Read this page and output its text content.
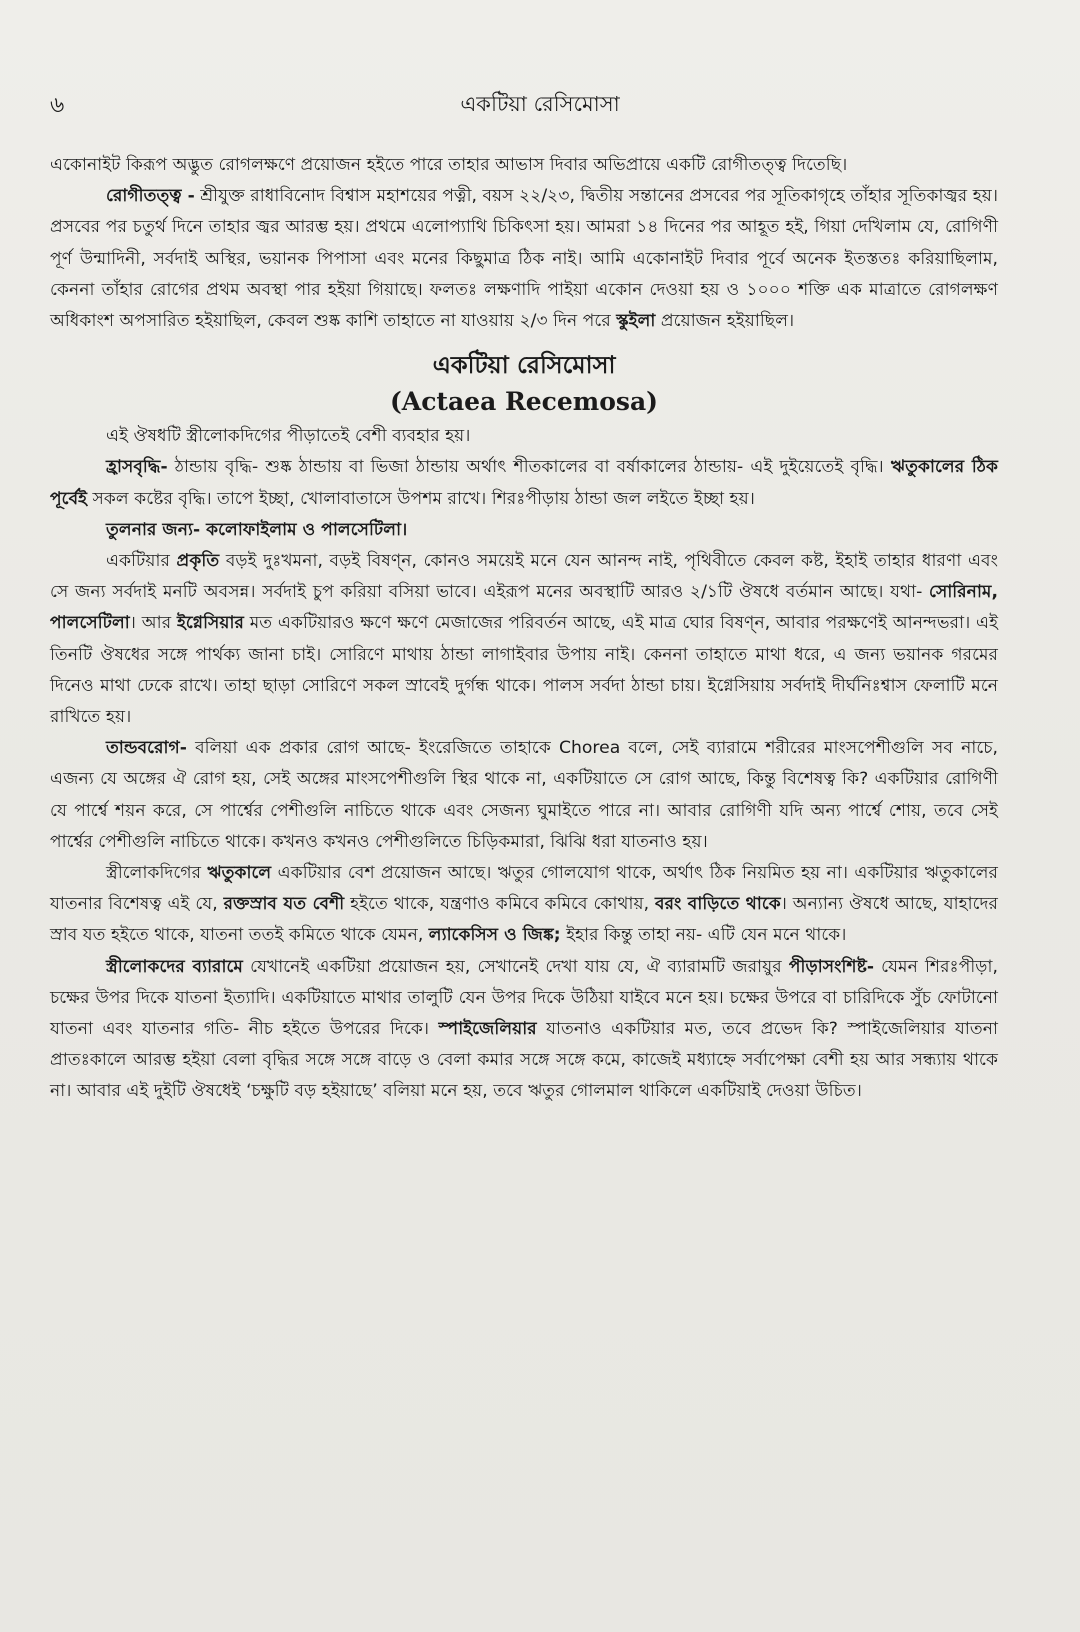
৬	একটিয়া রেসিমোসা

একোনাইট কিরূপ অদ্ভুত রোগলক্ষণে প্রয়োজন হইতে পারে তাহার আভাস দিবার অভিপ্রায়ে একটি রোগীতত্ত্ব দিতেছি।

রোগীতত্ত্ব - শ্রীযুক্ত রাধাবিনোদ বিশ্বাস মহাশয়ের পত্নী, বয়স ২২/২৩, দ্বিতীয় সন্তানের প্রসবের পর সূতিকাগৃহে তাঁহার সূতিকাজ্বর হয়। প্রসবের পর চতুর্থ দিনে তাহার জ্বর আরম্ভ হয়। প্রথমে এলোপ্যাথি চিকিৎসা হয়। আমরা ১৪ দিনের পর আহূত হই, গিয়া দেখিলাম যে, রোগিণী পূর্ণ উন্মাদিনী, সর্বদাই অস্থির, ভয়ানক পিপাসা এবং মনের কিছুমাত্র ঠিক নাই। আমি একোনাইট দিবার পূর্বে অনেক ইতস্ততঃ করিয়াছিলাম, কেননা তাঁহার রোগের প্রথম অবস্থা পার হইয়া গিয়াছে। ফলতঃ লক্ষণাদি পাইয়া একোন দেওয়া হয় ও ১০০০ শক্তি এক মাত্রাতে রোগলক্ষণ অধিকাংশ অপসারিত হইয়াছিল, কেবল শুষ্ক কাশি তাহাতে না যাওয়ায় ২/৩ দিন পরে স্কুইলা প্রয়োজন হইয়াছিল।

একটিয়া রেসিমোসা

(Actaea Recemosa)

এই ঔষধটি স্ত্রীলোকদিগের পীড়াতেই বেশী ব্যবহার হয়।

হ্রাসবৃদ্ধি- ঠান্ডায় বৃদ্ধি- শুষ্ক ঠান্ডায় বা ভিজা ঠান্ডায় অর্থাৎ শীতকালের বা বর্ষাকালের ঠান্ডায়- এই দুইয়েতেই বৃদ্ধি। ঋতুকালের ঠিক পূর্বেই সকল কষ্টের বৃদ্ধি। তাপে ইচ্ছা, খোলাবাতাসে উপশম রাখে। শিরঃপীড়ায় ঠান্ডা জল লইতে ইচ্ছা হয়।

তুলনার জন্য- কলোফাইলাম ও পালসেটিলা।

একটিয়ার প্রকৃতি বড়ই দুঃখমনা, বড়ই বিষণ্ন, কোনও সময়েই মনে যেন আনন্দ নাই, পৃথিবীতে কেবল কষ্ট, ইহাই তাহার ধারণা এবং সে জন্য সর্বদাই মনটি অবসন্ন। সর্বদাই চুপ করিয়া বসিয়া ভাবে। এইরূপ মনের অবস্থাটি আরও ২/১টি ঔষধে বর্তমান আছে। যথা- সোরিনাম, পালসেটিলা। আর ইগ্নেসিয়ার মত একটিয়ারও ক্ষণে ক্ষণে মেজাজের পরিবর্তন আছে, এই মাত্র ঘোর বিষণ্ন, আবার পরক্ষণেই আনন্দভরা। এই তিনটি ঔষধের সঙ্গে পার্থক্য জানা চাই। সোরিণে মাথায় ঠান্ডা লাগাইবার উপায় নাই। কেননা তাহাতে মাথা ধরে, এ জন্য ভয়ানক গরমের দিনেও মাথা ঢেকে রাখে। তাহা ছাড়া সোরিণে সকল স্রাবেই দুর্গন্ধ থাকে। পালস সর্বদা ঠান্ডা চায়। ইগ্নেসিয়ায় সর্বদাই দীর্ঘনিঃশ্বাস ফেলাটি মনে রাখিতে হয়।

তান্ডবরোগ- বলিয়া এক প্রকার রোগ আছে- ইংরেজিতে তাহাকে Chorea বলে, সেই ব্যারামে শরীরের মাংসপেশীগুলি সব নাচে, এজন্য যে অঙ্গের ঐ রোগ হয়, সেই অঙ্গের মাংসপেশীগুলি স্থির থাকে না, একটিয়াতে সে রোগ আছে, কিন্তু বিশেষত্ব কি? একটিয়ার রোগিণী যে পার্শ্বে শয়ন করে, সে পার্শ্বের পেশীগুলি নাচিতে থাকে এবং সেজন্য ঘুমাইতে পারে না। আবার রোগিণী যদি অন্য পার্শ্বে শোয়, তবে সেই পার্শ্বের পেশীগুলি নাচিতে থাকে। কখনও কখনও পেশীগুলিতে চিড়িকমারা, ঝিঝি ধরা যাতনাও হয়।

স্ত্রীলোকদিগের ঋতুকালে একটিয়ার বেশ প্রয়োজন আছে। ঋতুর গোলযোগ থাকে, অর্থাৎ ঠিক নিয়মিত হয় না। একটিয়ার ঋতুকালের যাতনার বিশেষত্ব এই যে, রক্তস্রাব যত বেশী হইতে থাকে, যন্ত্রণাও কমিবে কমিবে কোথায়, বরং বাড়িতে থাকে। অন্যান্য ঔষধে আছে, যাহাদের স্রাব যত হইতে থাকে, যাতনা ততই কমিতে থাকে যেমন, ল্যাকেসিস ও জিঙ্ক; ইহার কিন্তু তাহা নয়- এটি যেন মনে থাকে।

স্ত্রীলোকদের ব্যারামে যেখানেই একটিয়া প্রয়োজন হয়, সেখানেই দেখা যায় যে, ঐ ব্যারামটি জরায়ুর পীড়াসংশিষ্ট- যেমন শিরঃপীড়া, চক্ষের উপর দিকে যাতনা ইত্যাদি। একটিয়াতে মাথার তালুটি যেন উপর দিকে উঠিয়া যাইবে মনে হয়। চক্ষের উপরে বা চারিদিকে সুঁচ ফোটানো যাতনা এবং যাতনার গতি- নীচ হইতে উপরের দিকে। স্পাইজেলিয়ার যাতনাও একটিয়ার মত, তবে প্রভেদ কি? স্পাইজেলিয়ার যাতনা প্রাতঃকালে আরম্ভ হইয়া বেলা বৃদ্ধির সঙ্গে সঙ্গে বাড়ে ও বেলা কমার সঙ্গে সঙ্গে কমে, কাজেই মধ্যাহ্নে সর্বাপেক্ষা বেশী হয় আর সন্ধ্যায় থাকে না। আবার এই দুইটি ঔষধেই ‘চক্ষুটি বড় হইয়াছে’ বলিয়া মনে হয়, তবে ঋতুর গোলমাল থাকিলে একটিয়াই দেওয়া উচিত।
